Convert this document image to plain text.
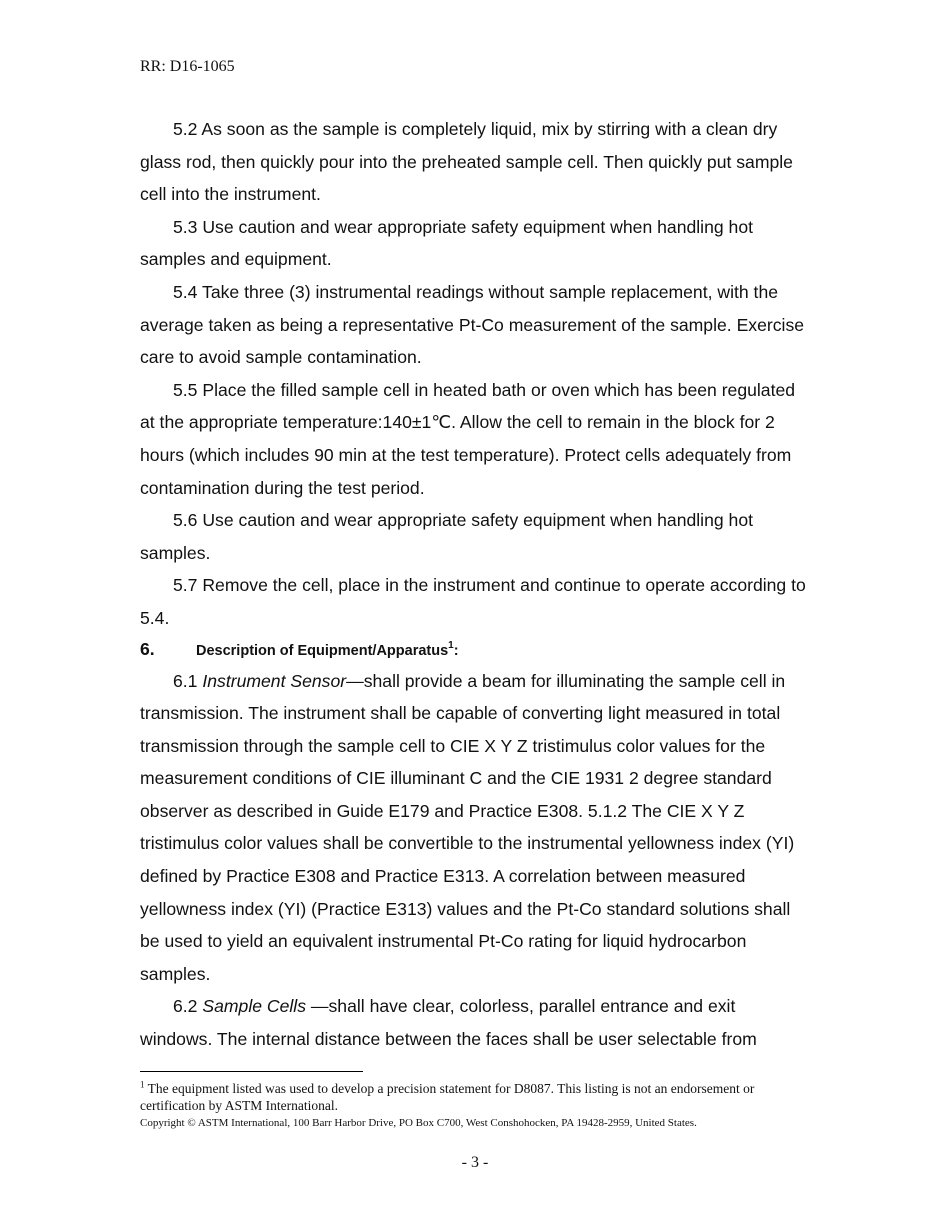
RR: D16-1065

5.2 As soon as the sample is completely liquid, mix by stirring with a clean dry glass rod, then quickly pour into the preheated sample cell. Then quickly put sample cell into the instrument.

5.3 Use caution and wear appropriate safety equipment when handling hot samples and equipment.

5.4 Take three (3) instrumental readings without sample replacement, with the average taken as being a representative Pt-Co measurement of the sample. Exercise care to avoid sample contamination.

5.5 Place the filled sample cell in heated bath or oven which has been regulated at the appropriate temperature:140±1℃. Allow the cell to remain in the block for 2 hours (which includes 90 min at the test temperature). Protect cells adequately from contamination during the test period.

5.6 Use caution and wear appropriate safety equipment when handling hot samples.

5.7 Remove the cell, place in the instrument and continue to operate according to 5.4.

6.	Description of Equipment/Apparatus$^1$:

6.1 Instrument Sensor—shall provide a beam for illuminating the sample cell in transmission. The instrument shall be capable of converting light measured in total transmission through the sample cell to CIE X Y Z tristimulus color values for the measurement conditions of CIE illuminant C and the CIE 1931 2 degree standard observer as described in Guide E179 and Practice E308. 5.1.2 The CIE X Y Z tristimulus color values shall be convertible to the instrumental yellowness index (YI) defined by Practice E308 and Practice E313. A correlation between measured yellowness index (YI) (Practice E313) values and the Pt-Co standard solutions shall be used to yield an equivalent instrumental Pt-Co rating for liquid hydrocarbon samples.

6.2 Sample Cells —shall have clear, colorless, parallel entrance and exit windows. The internal distance between the faces shall be user selectable from

$^1$ The equipment listed was used to develop a precision statement for D8087. This listing is not an endorsement or certification by ASTM International.
Copyright © ASTM International, 100 Barr Harbor Drive, PO Box C700, West Conshohocken, PA 19428-2959, United States.
- 3 -
